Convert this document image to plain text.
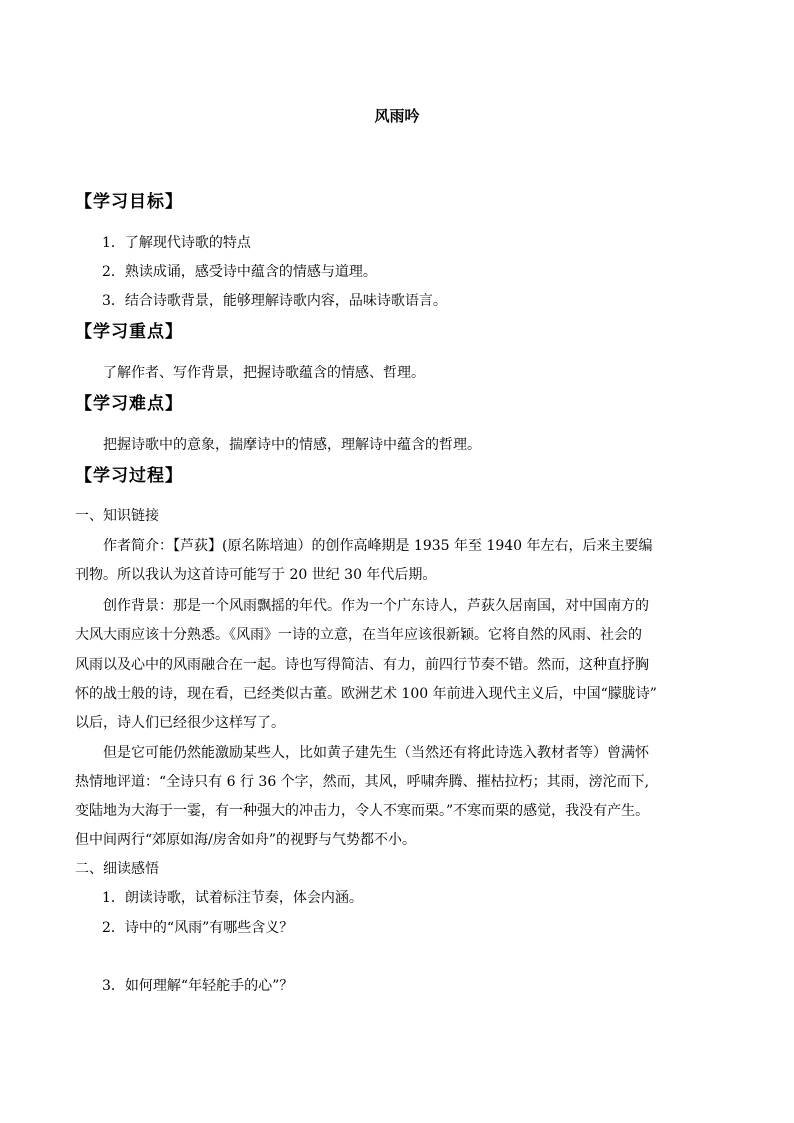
风雨吟
【学习目标】
1．了解现代诗歌的特点
2．熟读成诵，感受诗中蕴含的情感与道理。
3．结合诗歌背景，能够理解诗歌内容，品味诗歌语言。
【学习重点】
了解作者、写作背景，把握诗歌蕴含的情感、哲理。
【学习难点】
把握诗歌中的意象，揣摩诗中的情感，理解诗中蕴含的哲理。
【学习过程】
一、知识链接
作者简介：【芦荻】(原名陈培迪）的创作高峰期是 1935 年至 1940 年左右，后来主要编
刊物。所以我认为这首诗可能写于 20 世纪 30 年代后期。
创作背景：那是一个风雨飘摇的年代。作为一个广东诗人，芦荻久居南国，对中国南方的
大风大雨应该十分熟悉。《风雨》一诗的立意，在当年应该很新颖。它将自然的风雨、社会的
风雨以及心中的风雨融合在一起。诗也写得简洁、有力，前四行节奏不错。然而，这种直抒胸
怀的战士般的诗，现在看，已经类似古董。欧洲艺术 100 年前进入现代主义后，中国“朦胧诗”
以后，诗人们已经很少这样写了。
但是它可能仍然能激励某些人，比如黄子建先生（当然还有将此诗选入教材者等）曾满怀
热情地评道：“全诗只有 6 行 36 个字，然而，其风，呼啸奔腾、摧枯拉朽；其雨，滂沱而下,
变陆地为大海于一霎，有一种强大的冲击力，令人不寒而栗。”不寒而栗的感觉，我没有产生。
但中间两行“郊原如海/房舍如舟”的视野与气势都不小。
二、细读感悟
1．朗读诗歌，试着标注节奏，体会内涵。
2．诗中的“风雨”有哪些含义？
3．如何理解“年轻舵手的心”？
